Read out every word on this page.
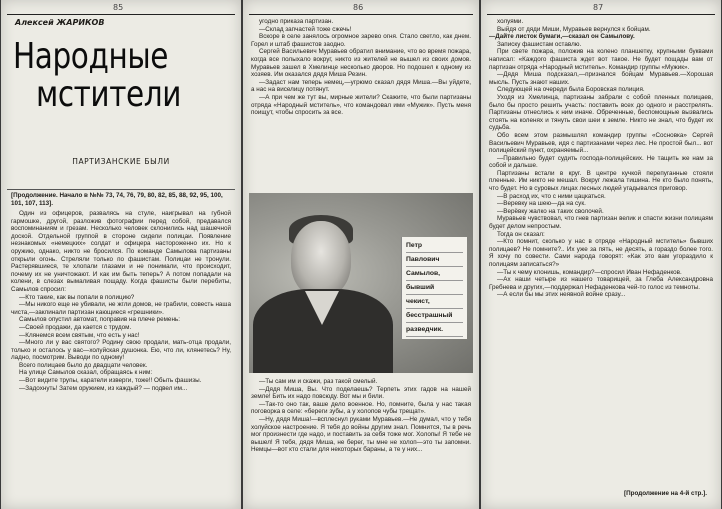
85
Алексей ЖАРИКОВ
Народные
мстители
ПАРТИЗАНСКИЕ БЫЛИ
[Продолжение. Начало в №№ 73, 74, 76, 79, 80, 82, 85, 88, 92, 95, 100, 101, 107, 113].

Один из офицеров, развалясь на стуле, наигрывал на губной гармошке, другой, разложив фотографии перед собой, предавался воспоминаниям и грезам. Несколько человек склонились над шашечной доской. Отдельной группой в стороне сидели полицаи. Появление незнакомых «немецких» солдат и офицера настороженно их. Но к оружию, однако, никто не бросился. По команде Самылова партизаны открыли огонь. Стреляли только по фашистам. Полицаи не тронули. Растерявшиеся, те хлопали глазами и не понимали, что происходит, почему их не уничтожают. И как им быть теперь? А потом попадали на колени, в слезах вымаливая пощаду. Когда фашисты были перебиты, Самылов спросил:

—Кто такие, как вы попали в полицию?

—Мы никого еще не убивали, не жгли домов, не грабили, совесть наша чиста,—заклинали партизан кающиеся «грешники».

Самылов опустил автомат, поправив на плече ремень:

—Своей продажи, да кается с трудом.

—Клянемся всем святым, что есть у нас!

—Много ли у вас святого? Родину свою продали, мать-отца продали, только и осталось у вас—холуйская душонка. Ею, что ли, клянетесь? Ну, ладно, посмотрим. Выводи по одному!

Всего полицаев было до двадцати человек.

На улице Самылов сказал, обращаясь к ним:

—Вот видите трупы, каратели изверги, тоже!! Обыть фашизы.

—Задохнуть! Затем оружием, из каждый? — подвел им...

86

угодно приказа партизан.

—Склад запчастей тоже сжечь!

Вскоре в селе занялось огромное зарево огня. Стало светло, как днем. Горел и штаб фашистов заодно.

Сергей Васильевич Муравьев обратил внимание, что во время пожара, когда все полыхало вокруг, никто из жителей не вышел из своих домов. Муравьев зашел в Хмелинце несколько дворов. Но подошел к одному из хозяев. Им оказался дядя Миша Резин.

—Задаст нам теперь немец,—угрюмо сказал дядя Миша.—Вы уйдете, а нас на виселицу потянут.

—А при чем же тут вы, мирные жители? Скажите, что были партизаны отряда «Народный мститель», что командовал ими «Мужик». Пусть меня поищут, чтобы спросить за все.

Петр
Павлович
Самылов,
бывший
чекист,
бесстрашный
разведчик.

—Ты сам им и скажи, раз такой смелый.

—Дядя Миша, Вы. Что поделаешь? Терпеть этих гадов на нашей земле! Бить их надо повсюду. Вот мы и били.

—Так-то оно так, ваше дело военное. Но, помните, была у нас такая поговорка в селе: «береги зубы, а у холопов чубы трещат».

—Ну, дядя Миша!—всплеснул руками Муравьев.—Не думал, что у тебя холуйское настроение. Я тебя до войны другим знал. Помнится, ты в речь мог произнести где надо, и поставить за себя тоже мог. Холопы! Я тебе не вышел! Я тебя, дядя Миша, не берег, ты мне не холоп—это ты запомни. Немцы—вот кто стали для некоторых бараны, а те у них...

87

холуями.

Выйдя от дяди Миши, Муравьев вернулся к бойцам.

—Дайте листок бумаги,—сказал он Самылову.

Записку фашистам оставлю.

При свете пожара, положив на колено планшетку, крупными буквами написал: «Каждого фашиста ждет вот такое. Не будет пощады вам от партизан отряда «Народный мститель». Командир группы «Мужик».

—Дядя Миша подсказал,—признался бойцам Муравьев.—Хорошая мысль. Пусть знают наших.

Следующей на очереди была Боровская полиция.

Уходя из Хмелинца, партизаны забрали с собой пленных полицаев, было бы просто решить участь: поставить всех до одного и расстрелять. Партизаны отнеслись к ним иначе. Обреченные, беспомощные вызвались стоять на коленях и тянуть свои шеи к земле. Никто не знал, что будет их судьба.

Обо всем этом размышлял командир группы «Сосновка» Сергей Васильевич Муравьев, идя с партизанами через лес. Не простой был... вот полицейский пункт, охраняемый...

—Правильно будет судить господа-полицейских. Не тащить же нам за собой и дальше.

Партизаны встали в круг. В центре кучкой перепуганные стояли пленные. Им никто не мешал. Вокруг лежала тишина. Не кто было понять, что будет. Но в суровых лицах лесных людей угадывался приговор.

—В расход их, что с ними цацкаться.

—Веревку на шею—да на сук.

—Верёвку жалко на таких сволочей.

Муравьев чувствовал, что гнев партизан велик и спасти жизни полицаям будет делом непростым.

Тогда он сказал:

—Кто помнит, сколько у нас в отряде «Народный мститель» бывших полицаев? Не помните?.. Их уже за пять, не десять, а гораздо более того. Я хочу по совести. Сами народа говорят: «Как это вам угораздило к полицаям записаться?»

—Ты к чему клонишь, командир?—спросил Иван Нефаденков.

—Ах наши четыре из нашего товарищей, за Глеба Александровна Гребнева и других,—поддержал Нефаденкова чей-то голос из темноты.

—А если бы мы этих неявной войне сразу...

[Продолжение на 4-й стр.].
